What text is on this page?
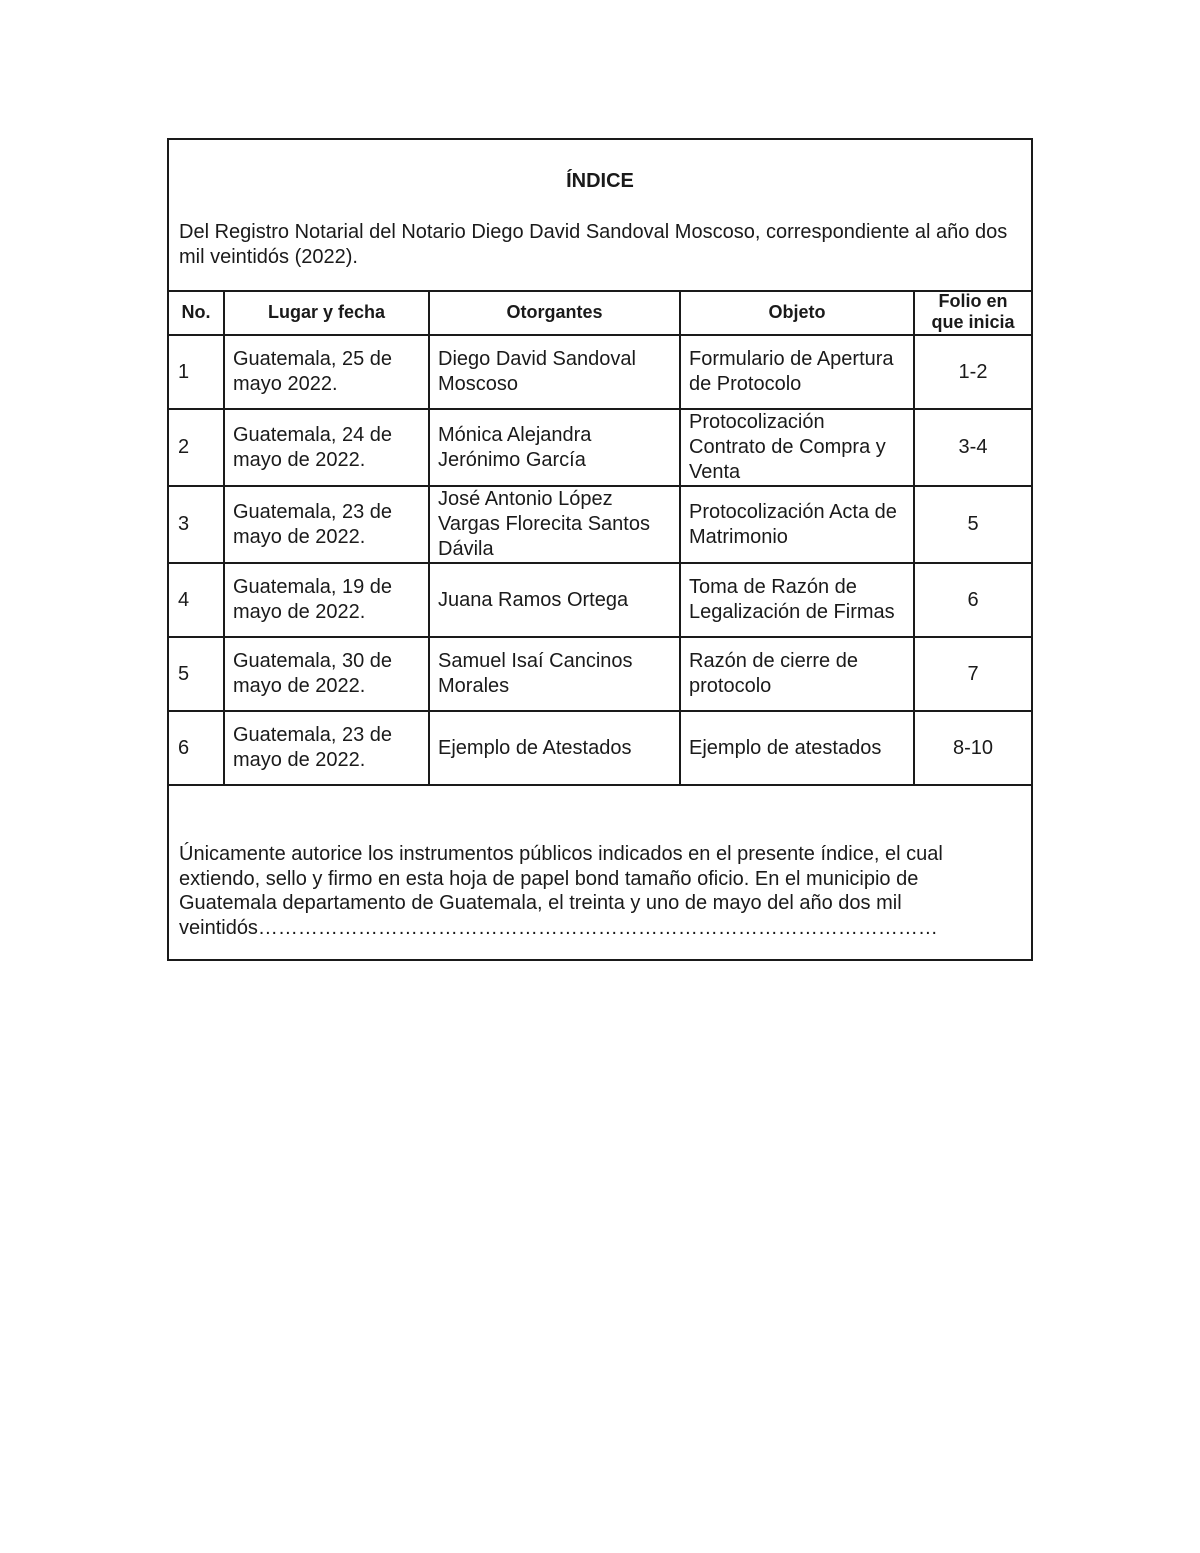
ÍNDICE
Del Registro Notarial del Notario Diego David Sandoval Moscoso, correspondiente al año dos mil veintidós (2022).
No.	Lugar y fecha	Otorgantes	Objeto	Folio en que inicia
1	Guatemala, 25 de mayo 2022.	Diego David Sandoval Moscoso	Formulario de Apertura de Protocolo	1-2
2	Guatemala, 24 de mayo de 2022.	Mónica Alejandra Jerónimo García	Protocolización Contrato de Compra y Venta	3-4
3	Guatemala, 23 de mayo de 2022.	José Antonio López Vargas Florecita Santos Dávila	Protocolización Acta de Matrimonio	5
4	Guatemala, 19 de mayo de 2022.	Juana Ramos Ortega	Toma de Razón de Legalización de Firmas	6
5	Guatemala, 30 de mayo de 2022.	Samuel Isaí Cancinos Morales	Razón de cierre de protocolo	7
6	Guatemala, 23 de mayo de 2022.	Ejemplo de Atestados	Ejemplo de atestados	8-10
Únicamente autorice los instrumentos públicos indicados en el presente índice, el cual extiendo, sello y firmo en esta hoja de papel bond tamaño oficio. En el municipio de Guatemala departamento de Guatemala, el treinta y uno de mayo del año dos mil veintidós…………………………………………………………………………………………
